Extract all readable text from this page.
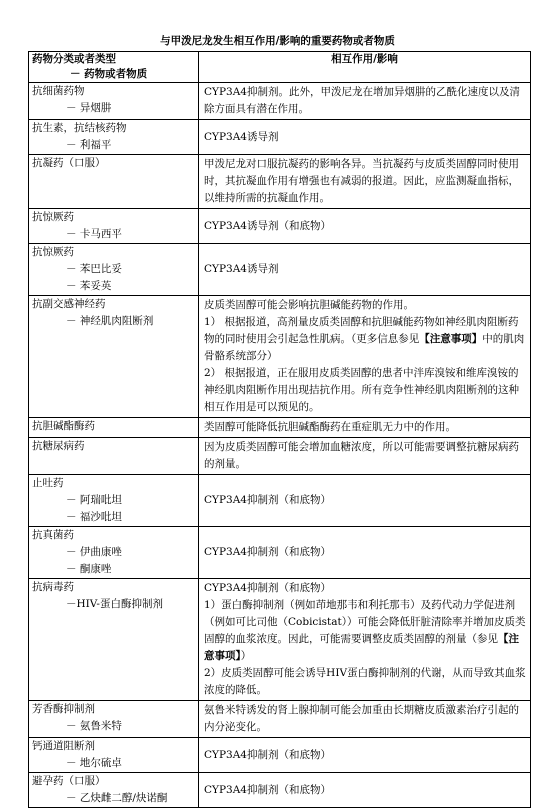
与甲泼尼龙发生相互作用/影响的重要药物或者物质
药物分类或者类型
－ 药物或者物质	相互作用/影响

抗细菌药物
－ 异烟肼	CYP3A4抑制剂。此外，甲泼尼龙在增加异烟肼的乙酰化速度以及清除方面具有潜在作用。

抗生素，抗结核药物
－ 利福平	CYP3A4诱导剂

抗凝药（口服）	甲泼尼龙对口服抗凝药的影响各异。当抗凝药与皮质类固醇同时使用时，其抗凝血作用有增强也有减弱的报道。因此，应监测凝血指标，以维持所需的抗凝血作用。

抗惊厥药
－ 卡马西平	CYP3A4诱导剂（和底物）

抗惊厥药
－ 苯巴比妥
－ 苯妥英	CYP3A4诱导剂

抗副交感神经药
－ 神经肌肉阻断剂	皮质类固醇可能会影响抗胆碱能药物的作用。
1） 根据报道，高剂量皮质类固醇和抗胆碱能药物如神经肌肉阻断药物的同时使用会引起急性肌病。（更多信息参见【注意事项】中的肌肉骨骼系统部分）
2） 根据报道，正在服用皮质类固醇的患者中泮库溴铵和维库溴铵的神经肌肉阻断作用出现拮抗作用。所有竞争性神经肌肉阻断剂的这种相互作用是可以预见的。

抗胆碱酯酶药	类固醇可能降低抗胆碱酯酶药在重症肌无力中的作用。

抗糖尿病药	因为皮质类固醇可能会增加血糖浓度，所以可能需要调整抗糖尿病药的剂量。

止吐药
－ 阿瑞吡坦
－ 福沙吡坦	CYP3A4抑制剂（和底物）

抗真菌药
－ 伊曲康唑
－ 酮康唑	CYP3A4抑制剂（和底物）

抗病毒药
－HIV-蛋白酶抑制剂	CYP3A4抑制剂（和底物）
1）蛋白酶抑制剂（例如茚地那韦和利托那韦）及药代动力学促进剂（例如可比司他（Cobicistat））可能会降低肝脏清除率并增加皮质类固醇的血浆浓度。因此，可能需要调整皮质类固醇的剂量（参见【注意事项】）
2）皮质类固醇可能会诱导HIV蛋白酶抑制剂的代谢，从而导致其血浆浓度的降低。

芳香酶抑制剂
－ 氨鲁米特	氨鲁米特诱发的肾上腺抑制可能会加重由长期糖皮质激素治疗引起的内分泌变化。

钙通道阻断剂
－ 地尔硫卓	CYP3A4抑制剂（和底物）

避孕药（口服）
－ 乙炔雌二醇/炔诺酮	CYP3A4抑制剂（和底物）
